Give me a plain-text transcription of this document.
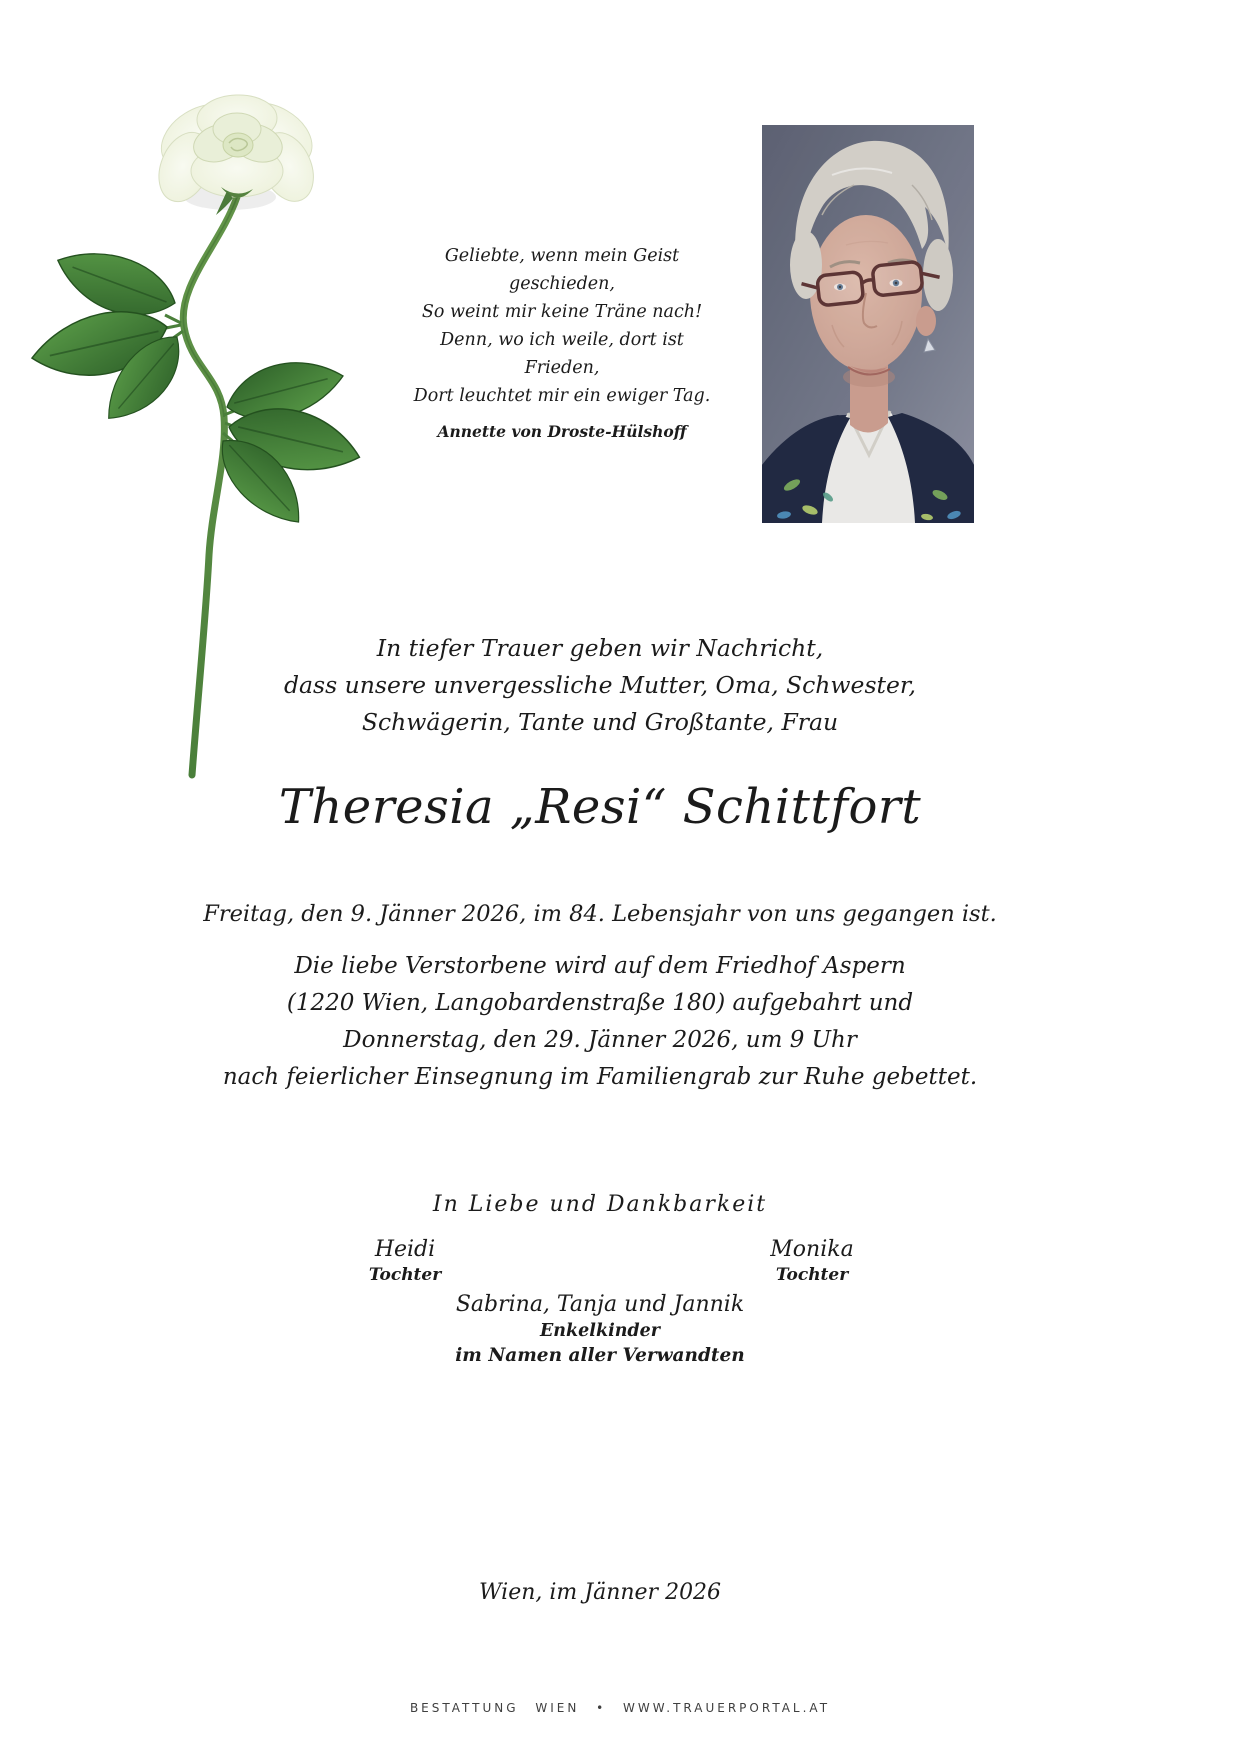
Geliebte, wenn mein Geist geschieden,

So weint mir keine Träne nach!

Denn, wo ich weile, dort ist Frieden,

Dort leuchtet mir ein ewiger Tag.

Annette von Droste-Hülshoff

In tiefer Trauer geben wir Nachricht,

dass unsere unvergessliche Mutter, Oma, Schwester,

Schwägerin, Tante und Großtante, Frau

Theresia „Resi“ Schittfort

Freitag, den 9. Jänner 2026, im 84. Lebensjahr von uns gegangen ist.

Die liebe Verstorbene wird auf dem Friedhof Aspern

(1220 Wien, Langobardenstraße 180) aufgebahrt und

Donnerstag, den 29. Jänner 2026, um 9 Uhr

nach feierlicher Einsegnung im Familiengrab zur Ruhe gebettet.

In Liebe und Dankbarkeit

Heidi

Tochter

Monika

Tochter

Sabrina, Tanja und Jannik

Enkelkinder

im Namen aller Verwandten

Wien, im Jänner 2026

BESTATTUNG WIEN • WWW.TRAUERPORTAL.AT
